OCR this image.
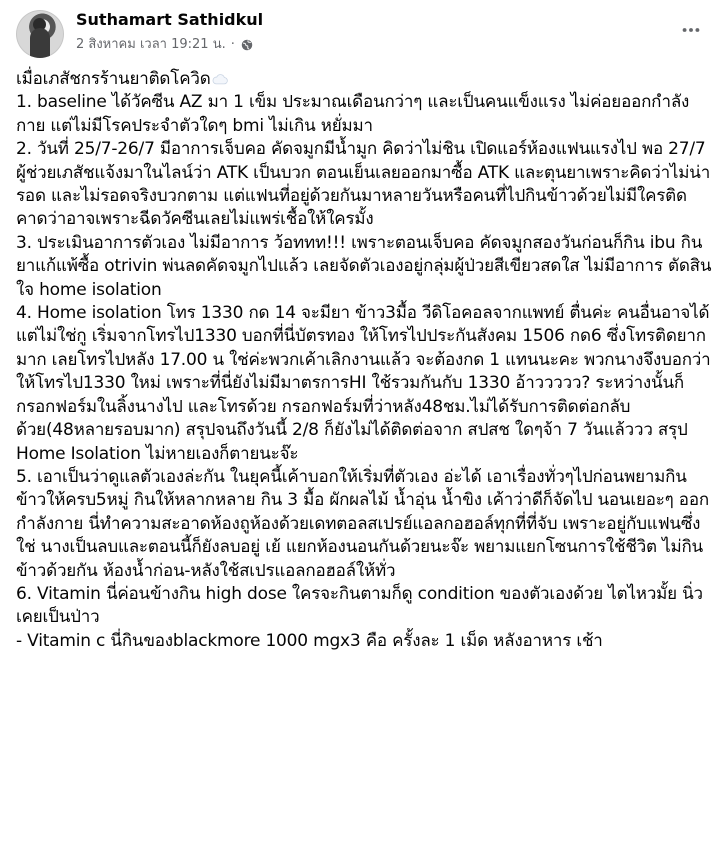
Suthamart Sathidkul
2 สิงหาคม เวลา 19:21 น. ·

เมื่อเภสัชกรร้านยาติดโควิด

1. baseline ได้วัคซีน AZ มา 1 เข็ม ประมาณเดือนกว่าๆ และเป็นคนแข็งแรง ไม่ค่อยออกกำลังกาย แต่ไม่มีโรคประจำตัวใดๆ bmi ไม่เกิน หยั่มมา

2. วันที่ 25/7-26/7 มีอาการเจ็บคอ คัดจมูกมีน้ำมูก คิดว่าไม่ชิน เปิดแอร์ห้องแฟนแรงไป พอ 27/7 ผู้ช่วยเภสัชแจ้งมาในไลน์ว่า ATK เป็นบวก ตอนเย็นเลยออกมาซื้อ ATK และตุนยาเพราะคิดว่าไม่น่ารอด และไม่รอดจริงบวกตาม แต่แฟนที่อยู่ด้วยกันมาหลายวันหรือคนที่ไปกินข้าวด้วยไม่มีใครติด คาดว่าอาจเพราะฉีดวัคซีนเลยไม่แพร่เชื้อให้ใครมั้ง

3. ประเมินอาการตัวเอง ไม่มีอาการ ว้อททท!!! เพราะตอนเจ็บคอ คัดจมูกสองวันก่อนก็กิน ibu กินยาแก้แพ้ซื้อ otrivin พ่นลดคัดจมูกไปแล้ว เลยจัดตัวเองอยู่กลุ่มผู้ป่วยสีเขียวสดใส ไม่มีอาการ ตัดสินใจ home isolation

4. Home isolation โทร 1330 กด 14 จะมียา ข้าว3มื้อ วีดิโอคอลจากแพทย์ ตื่นค่ะ คนอื่นอาจได้แต่ไม่ใช่กู เริ่มจากโทรไป1330 บอกที่นี่บัตรทอง ให้โทรไปประกันสังคม 1506 กด6 ซึ่งโทรติดยากมาก เลยโทรไปหลัง 17.00 น ใช่ค่ะพวกเค้าเลิกงานแล้ว จะต้องกด 1 แทนนะคะ พวกนางจึงบอกว่า ให้โทรไป1330 ใหม่ เพราะที่นี่ยังไม่มีมาตรการHI ใช้รวมกันกับ 1330 อ้าววววว? ระหว่างนั้นก็กรอกฟอร์มในลิ้งนางไป และโทรด้วย กรอกฟอร์มที่ว่าหลัง48ชม.ไม่ได้รับการติดต่อกลับด้วย(48หลายรอบมาก) สรุปจนถึงวันนี้ 2/8 ก็ยังไม่ได้ติดต่อจาก สปสช ใดๆจ้า 7 วันแล้ววว สรุป Home Isolation ไม่หายเองก็ตายนะจ๊ะ

5. เอาเป็นว่าดูแลตัวเองล่ะกัน ในยุคนี้เค้าบอกให้เริ่มที่ตัวเอง อ่ะได้ เอาเรื่องทั่วๆไปก่อนพยามกินข้าวให้ครบ5หมู่ กินให้หลากหลาย กิน 3 มื้อ ผักผลไม้ น้ำอุ่น น้ำขิง เค้าว่าดีก็จัดไป นอนเยอะๆ ออกกำลังกาย นี่ทำความสะอาดห้องถูห้องด้วยเดทตอลสเปรย์แอลกอฮอล์ทุกที่ที่จับ เพราะอยู่กับแฟนซึ่งใช่ นางเป็นลบและตอนนี้ก็ยังลบอยู่ เย้ แยกห้องนอนกันด้วยนะจ๊ะ พยามแยกโซนการใช้ชีวิต ไม่กินข้าวด้วยกัน ห้องน้ำก่อน-หลังใช้สเปรแอลกอฮอล์ให้ทั่ว

6. Vitamin นี่ค่อนข้างกิน high dose ใครจะกินตามก็ดู condition ของตัวเองด้วย ไตไหวมั้ย นิ่วเคยเป็นป่าว

- Vitamin c นี่กินของblackmore 1000 mgx3 คือ ครั้งละ 1 เม็ด หลังอาหาร เช้า
